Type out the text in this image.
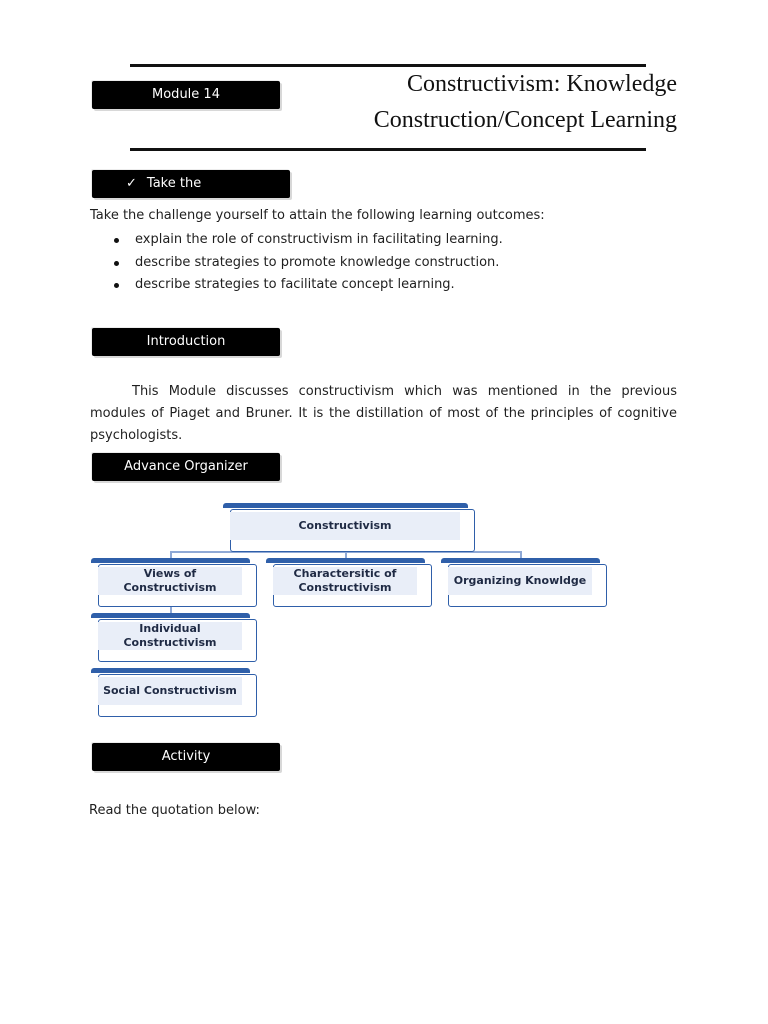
Module 14	Constructivism: Knowledge
Construction/Concept Learning
✓ Take the
Take the challenge yourself to attain the following learning outcomes:
explain the role of constructivism in facilitating learning.
describe strategies to promote knowledge construction.
describe strategies to facilitate concept learning.
Introduction
This Module discusses constructivism which was mentioned in the previous modules of Piaget and Bruner. It is the distillation of most of the principles of cognitive psychologists.
Advance Organizer
Constructivism
Views of Constructivism
Charactersitic of Constructivism
Organizing Knowldge
Individual Constructivism
Social Constructivism
Activity
Read the quotation below:
